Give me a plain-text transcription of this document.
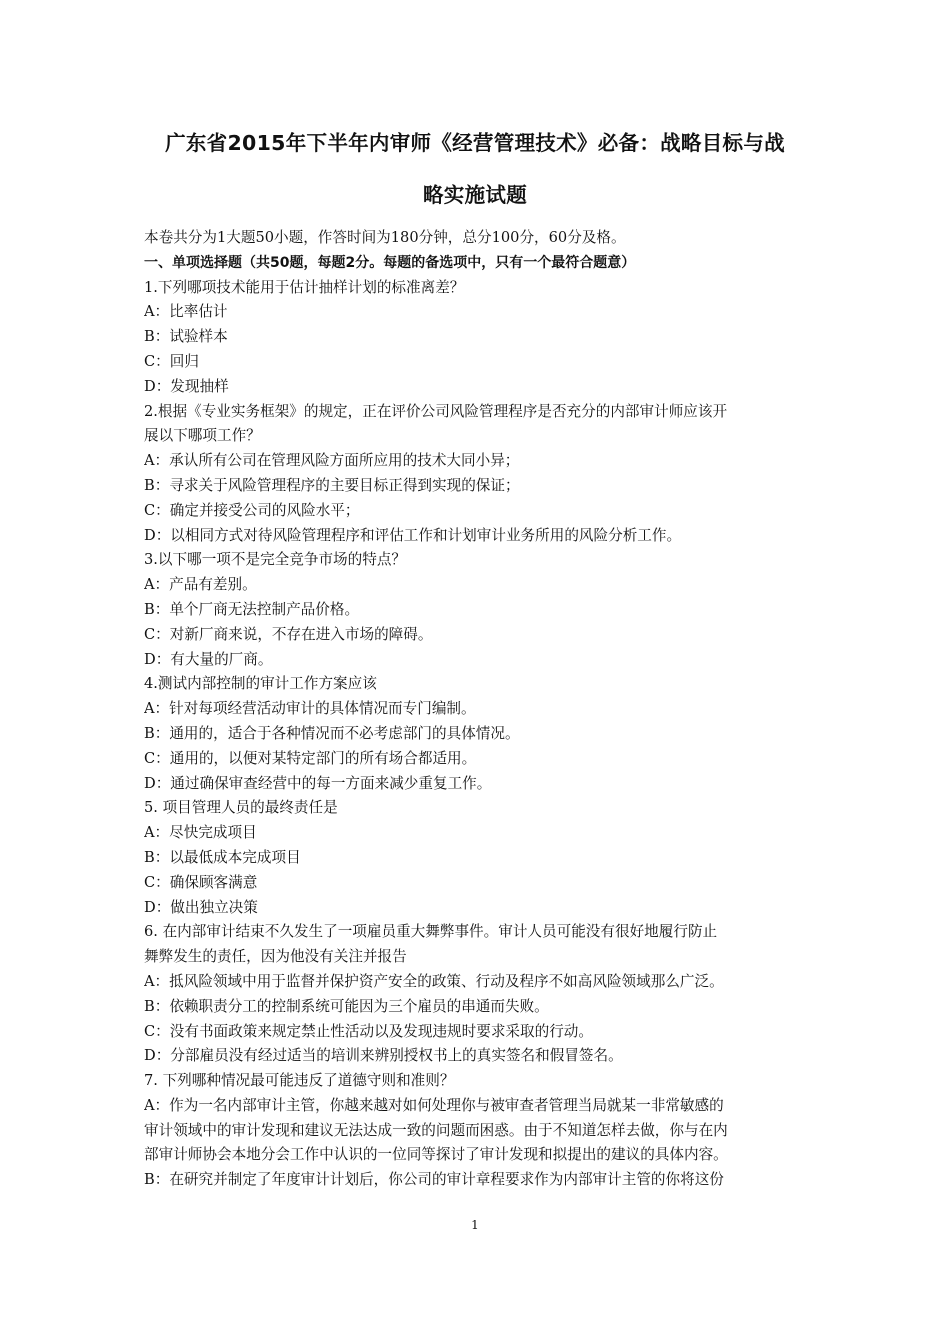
广东省2015年下半年内审师《经营管理技术》必备：战略目标与战
略实施试题
本卷共分为1大题50小题，作答时间为180分钟，总分100分，60分及格。
一、单项选择题（共50题，每题2分。每题的备选项中，只有一个最符合题意）
1.下列哪项技术能用于估计抽样计划的标准离差？
A：比率估计
B：试验样本
C：回归
D：发现抽样
2.根据《专业实务框架》的规定，正在评价公司风险管理程序是否充分的内部审计师应该开
展以下哪项工作？
A：承认所有公司在管理风险方面所应用的技术大同小异；
B：寻求关于风险管理程序的主要目标正得到实现的保证；
C：确定并接受公司的风险水平；
D：以相同方式对待风险管理程序和评估工作和计划审计业务所用的风险分析工作。
3.以下哪一项不是完全竞争市场的特点？
A：产品有差别。
B：单个厂商无法控制产品价格。
C：对新厂商来说，不存在进入市场的障碍。
D：有大量的厂商。
4.测试内部控制的审计工作方案应该
A：针对每项经营活动审计的具体情况而专门编制。
B：通用的，适合于各种情况而不必考虑部门的具体情况。
C：通用的，以便对某特定部门的所有场合都适用。
D：通过确保审查经营中的每一方面来减少重复工作。
5. 项目管理人员的最终责任是
A：尽快完成项目
B：以最低成本完成项目
C：确保顾客满意
D：做出独立决策
6. 在内部审计结束不久发生了一项雇员重大舞弊事件。审计人员可能没有很好地履行防止
舞弊发生的责任，因为他没有关注并报告
A：抵风险领域中用于监督并保护资产安全的政策、行动及程序不如高风险领域那么广泛。
B：依赖职责分工的控制系统可能因为三个雇员的串通而失败。
C：没有书面政策来规定禁止性活动以及发现违规时要求采取的行动。
D：分部雇员没有经过适当的培训来辨别授权书上的真实签名和假冒签名。
7. 下列哪种情况最可能违反了道德守则和准则？
A：作为一名内部审计主管，你越来越对如何处理你与被审查者管理当局就某一非常敏感的
审计领域中的审计发现和建议无法达成一致的问题而困惑。由于不知道怎样去做，你与在内
部审计师协会本地分会工作中认识的一位同等探讨了审计发现和拟提出的建议的具体内容。
B：在研究并制定了年度审计计划后，你公司的审计章程要求作为内部审计主管的你将这份
1
